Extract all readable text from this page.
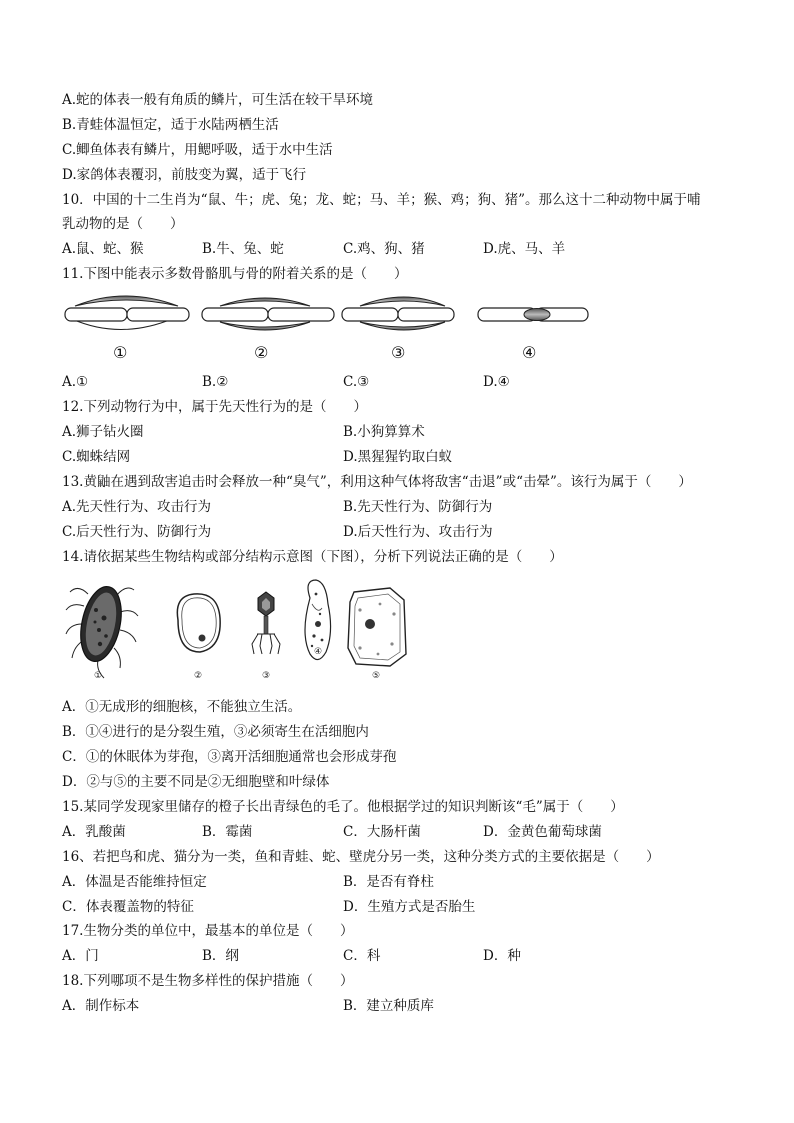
A.蛇的体表一般有角质的鳞片，可生活在较干旱环境
B.青蛙体温恒定，适于水陆两栖生活
C.鲫鱼体表有鳞片，用鳃呼吸，适于水中生活
D.家鸽体表覆羽，前肢变为翼，适于飞行
10．中国的十二生肖为“鼠、牛；虎、兔；龙、蛇；马、羊；猴、鸡；狗、猪”。那么这十二种动物中属于哺
乳动物的是（　　）
A.鼠、蛇、猴	B.牛、兔、蛇	C.鸡、狗、猪	D.虎、马、羊
11.下图中能表示多数骨骼肌与骨的附着关系的是（　　）
①	②	③	④
A.①	B.②	C.③	D.④
12.下列动物行为中，属于先天性行为的是（　　）
A.狮子钻火圈	B.小狗算算术
C.蜘蛛结网	D.黑猩猩钓取白蚁
13.黄鼬在遇到敌害追击时会释放一种“臭气”，利用这种气体将敌害“击退”或“击晕”。该行为属于（　　）
A.先天性行为、攻击行为	B.先天性行为、防御行为
C.后天性行为、防御行为	D.后天性行为、攻击行为
14.请依据某些生物结构或部分结构示意图（下图），分析下列说法正确的是（　　）
①	②	③
④
⑤
A．①无成形的细胞核，不能独立生活。
B．①④进行的是分裂生殖，③必须寄生在活细胞内
C．①的休眠体为芽孢，③离开活细胞通常也会形成芽孢
D．②与⑤的主要不同是②无细胞壁和叶绿体
15.某同学发现家里储存的橙子长出青绿色的毛了。他根据学过的知识判断该“毛”属于（　　）
A．乳酸菌	B．霉菌	C．大肠杆菌	D．金黄色葡萄球菌
16、若把鸟和虎、猫分为一类，鱼和青蛙、蛇、壁虎分另一类，这种分类方式的主要依据是（　　）
A．体温是否能维持恒定	B．是否有脊柱
C．体表覆盖物的特征	D．生殖方式是否胎生
17.生物分类的单位中，最基本的单位是（　　）
A．门	B．纲	C．科	D．种
18.下列哪项不是生物多样性的保护措施（　　）
A．制作标本	B．建立种质库
